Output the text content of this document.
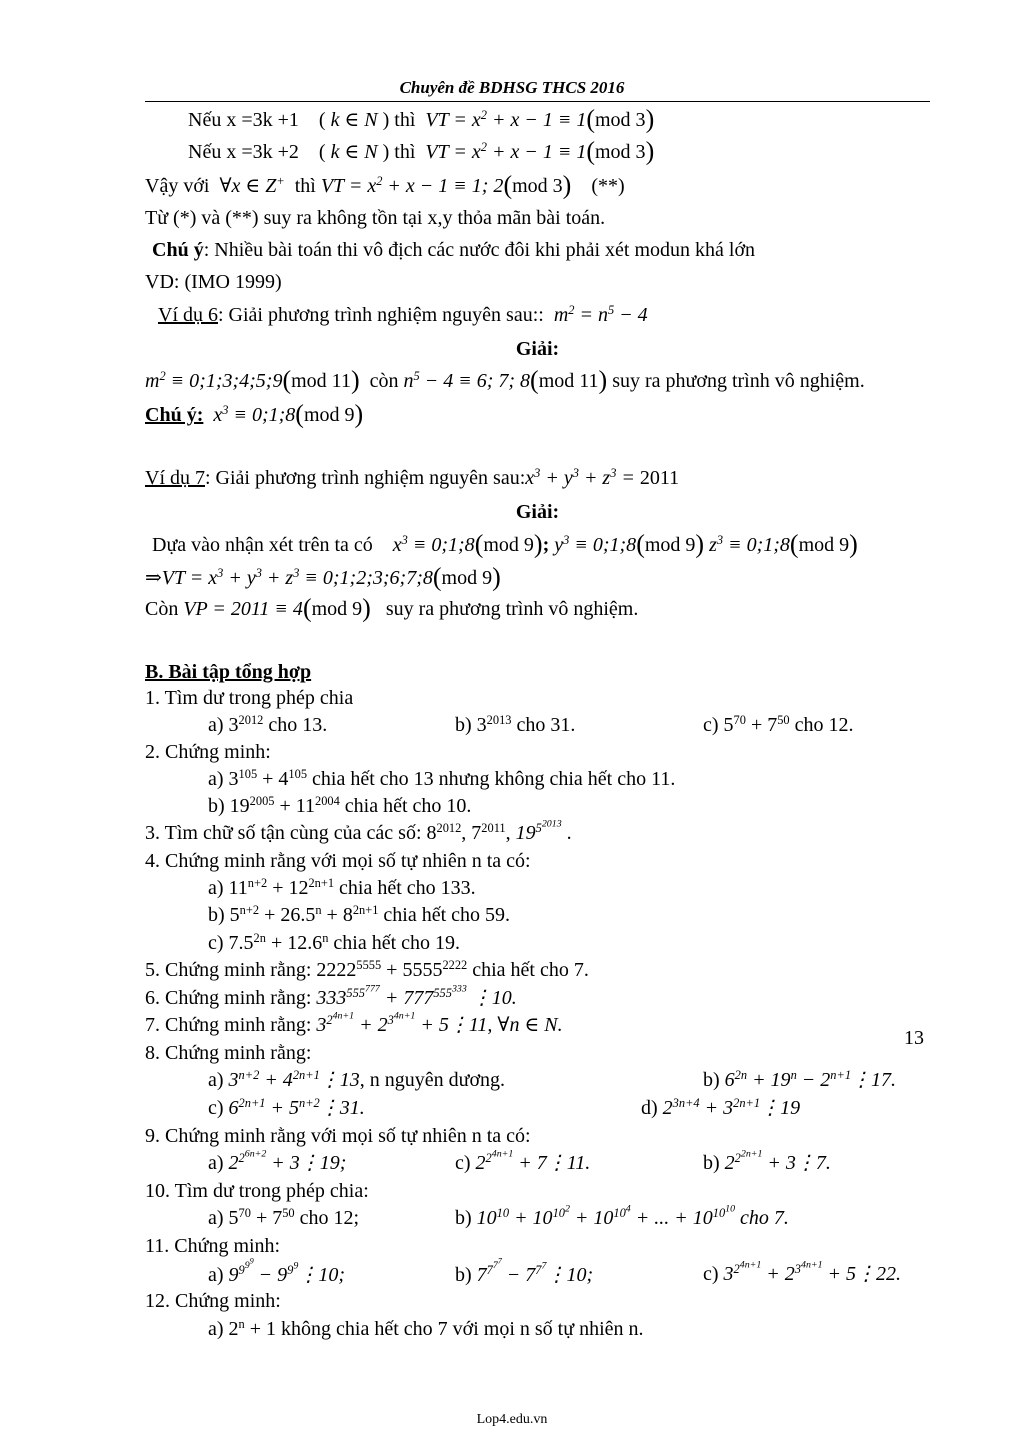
Chuyên đề BDHSG THCS 2016
Nếu x =3k +1    ( k ∈ N ) thì VT = $x^2 + x - 1 \equiv 1(mod$ 3)
Nếu x =3k +2    ( k ∈ N ) thì VT = $x^2 + x - 1 \equiv 1(mod$ 3)
Vậy với ∀x ∈ Z+ thì VT = $x^2 + x - 1 \equiv 1$; 2(mod 3) (**)
Từ (*) và (**) suy ra không tồn tại x,y thỏa mãn bài toán.
Chú ý: Nhiều bài toán thi vô địch các nước đôi khi phải xét modun khá lớn
VD: (IMO 1999)
Ví dụ 6: Giải phương trình nghiệm nguyên sau:: $m^2 = n^5 - 4$
Giải:
$m^2$ ≡ 0;1;3;4;5;9(mod 11) còn $n^5 - 4 \equiv 6$; 7; 8(mod 11) suy ra phương trình vô nghiệm.
Chú ý: $x^3$ ≡ 0;1;8(mod 9)
Ví dụ 7: Giải phương trình nghiệm nguyên $sau:x^3 + y^3 + z^3 = 2011$
Giải:
Dựa vào nhận xét trên ta có $x^3$ ≡ 0;1;8(mod 9); $y^3$ ≡ 0;1;8(mod 9) $z^3$ ≡ 0;1;8(mod 9)
⇒VT = $x^3 + y^3 + z^3$ ≡ 0;1;2;3;6;7;8(mod 9)
Còn VP = 2011 ≡ 4(mod 9) suy ra phương trình vô nghiệm.
B. Bài tập tổng hợp
1. Tìm dư trong phép chia
a) $3^{2012}$ cho 13.	b) $3^{2013}$ cho 31.	c) $5^{70} + 7^{50}$ cho 12.
2. Chứng minh:
a) $3^{105} + 4^{105}$ chia hết cho 13 nhưng không chia hết cho 11.
b) $19^{2005} + 11^{2004}$ chia hết cho 10.
3. Tìm chữ số tận cùng của các số: $8^{2012}$, $7^{2011}$, $19^{5^{2013}}$ .
4. Chứng minh rằng với mọi số tự nhiên n ta có:
a) $11^{n+2} + 12^{2n+1}$ chia hết cho 133.
b) $5^{n+2} + 26.5^n + 8^{2n+1}$ chia hết cho 59.
c) $7.5^{2n} + 12.6^n$ chia hết cho 19.
5. Chứng minh rằng: $2222^{5555} + 5555^{2222}$ chia hết cho 7.
6. Chứng minh rằng: $333^{555^{777}} + 777^{555^{333}}$ ⋮10.
7. Chứng minh rằng: $3^{2^{4n+1}} + 2^{3^{4n+1}}$ + 5⋮11, ∀n ∈ N.
8. Chứng minh rằng:
a) $3^{n+2}$ + $4^{2n+1}⋮13$, n nguyên dương.	b) $6^{2n} + 19^n$ − $2^{n+1}⋮17$.
c) $6^{2n+1}$ + $5^{n+2}⋮31$.	d) $2^{3n+4}$ + $3^{2n+1}⋮19$
9. Chứng minh rằng với mọi số tự nhiên n ta có:
a) $2^{2^{6n+2}}$ + 3⋮19;	c) $2^{2^{4n+1}}$ + 7⋮11.	b) $2^{2^{2n+1}}$ + 3⋮7.
10. Tìm dư trong phép chia:
a) $5^{70} + 7^{50}$ cho 12;	b) $10^{10} + 10^{10^2} + 10^{10^4}$ + ... + $10^{10^{10}}$ cho 7.
11. Chứng minh:
a) $9^{9^{9^9}}$ − $9^{9^9}⋮10$;	b) $7^{7^{7^7}}$ − $7^{7^7}⋮10$;	c) $3^{2^{4n+1}} + 2^{3^{4n+1}}$ + 5⋮22.
12. Chứng minh:
a) $2^n + 1$ không chia hết cho 7 với mọi n số tự nhiên n.
13
Lop4.edu.vn
